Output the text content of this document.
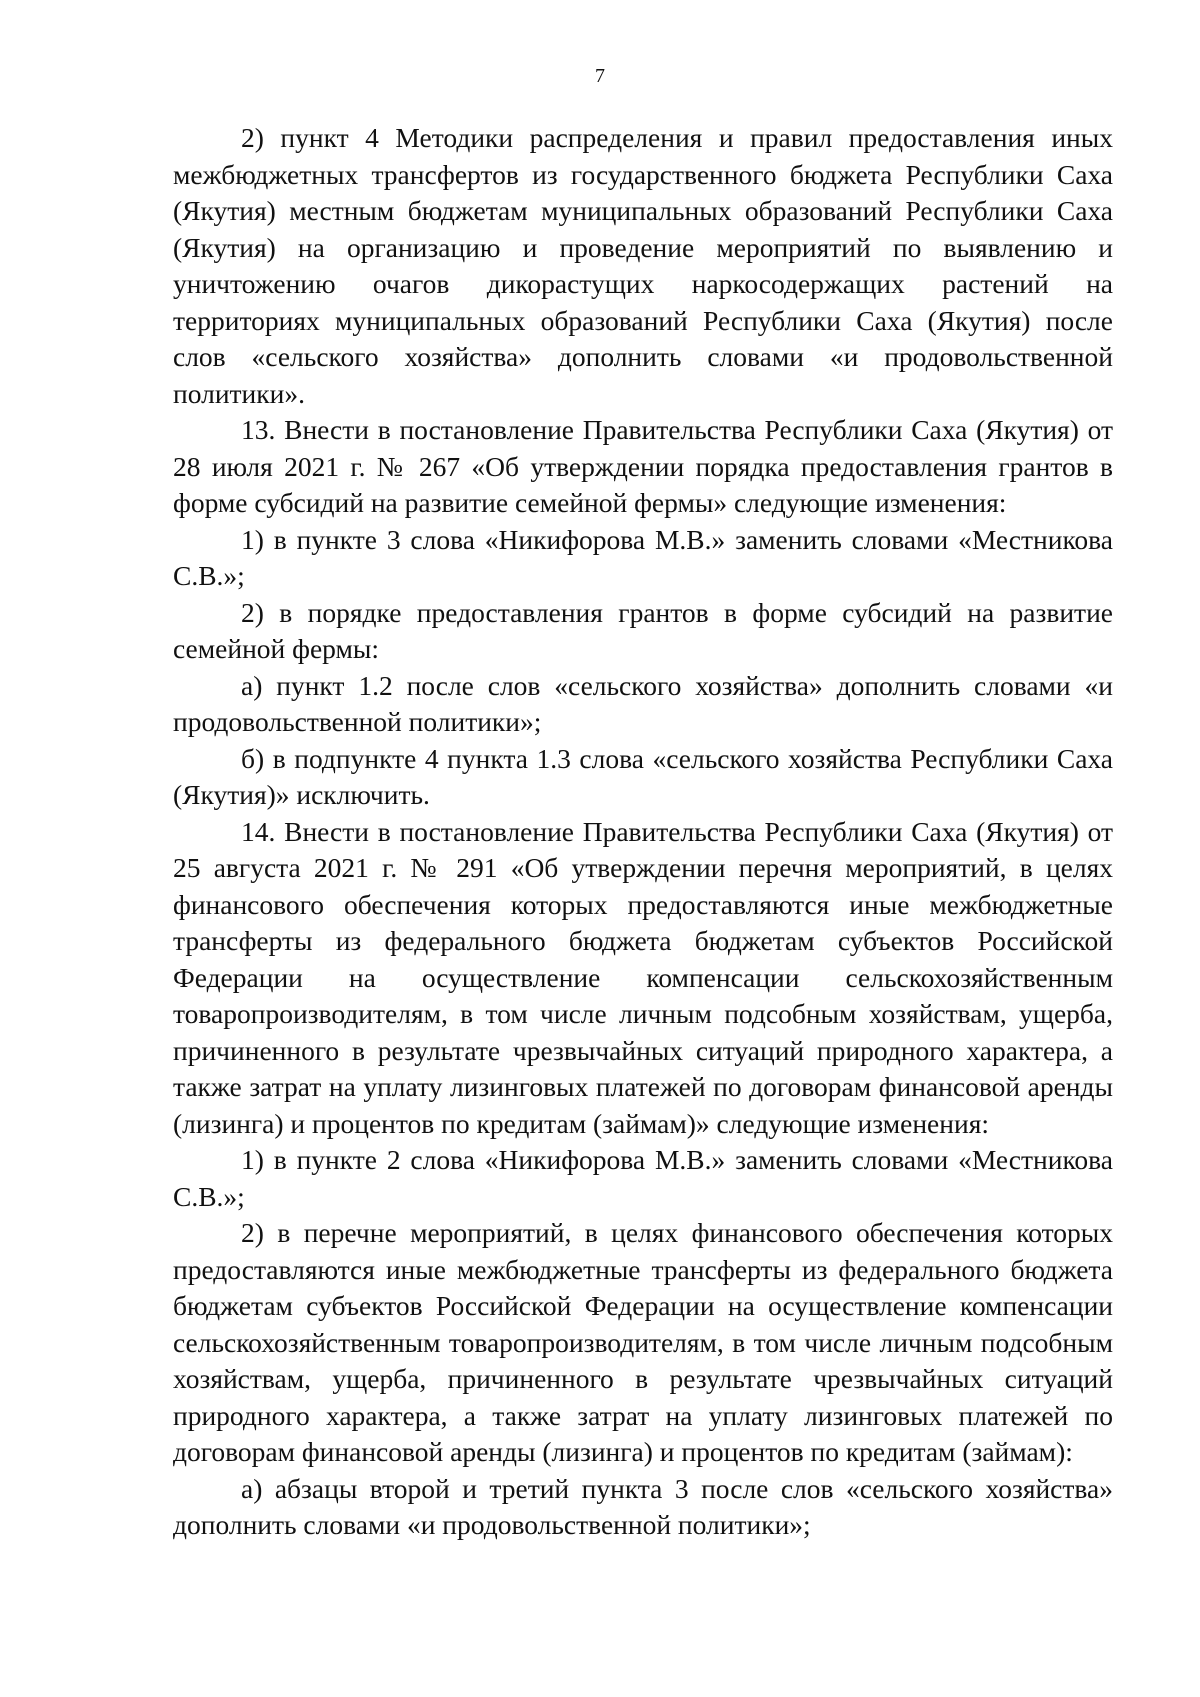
7

2) пункт 4 Методики распределения и правил предоставления иных межбюджетных трансфертов из государственного бюджета Республики Саха (Якутия) местным бюджетам муниципальных образований Республики Саха (Якутия) на организацию и проведение мероприятий по выявлению и уничтожению очагов дикорастущих наркосодержащих растений на территориях муниципальных образований Республики Саха (Якутия) после слов «сельского хозяйства» дополнить словами «и продовольственной политики».

13. Внести в постановление Правительства Республики Саха (Якутия) от 28 июля 2021 г. № 267 «Об утверждении порядка предоставления грантов в форме субсидий на развитие семейной фермы» следующие изменения:

1) в пункте 3 слова «Никифорова М.В.» заменить словами «Местникова С.В.»;

2) в порядке предоставления грантов в форме субсидий на развитие семейной фермы:

а) пункт 1.2 после слов «сельского хозяйства» дополнить словами «и продовольственной политики»;

б) в подпункте 4 пункта 1.3 слова «сельского хозяйства Республики Саха (Якутия)» исключить.

14. Внести в постановление Правительства Республики Саха (Якутия) от 25 августа 2021 г. № 291 «Об утверждении перечня мероприятий, в целях финансового обеспечения которых предоставляются иные межбюджетные трансферты из федерального бюджета бюджетам субъектов Российской Федерации на осуществление компенсации сельскохозяйственным товаропроизводителям, в том числе личным подсобным хозяйствам, ущерба, причиненного в результате чрезвычайных ситуаций природного характера, а также затрат на уплату лизинговых платежей по договорам финансовой аренды (лизинга) и процентов по кредитам (займам)» следующие изменения:

1) в пункте 2 слова «Никифорова М.В.» заменить словами «Местникова С.В.»;

2) в перечне мероприятий, в целях финансового обеспечения которых предоставляются иные межбюджетные трансферты из федерального бюджета бюджетам субъектов Российской Федерации на осуществление компенсации сельскохозяйственным товаропроизводителям, в том числе личным подсобным хозяйствам, ущерба, причиненного в результате чрезвычайных ситуаций природного характера, а также затрат на уплату лизинговых платежей по договорам финансовой аренды (лизинга) и процентов по кредитам (займам):

а) абзацы второй и третий пункта 3 после слов «сельского хозяйства» дополнить словами «и продовольственной политики»;
